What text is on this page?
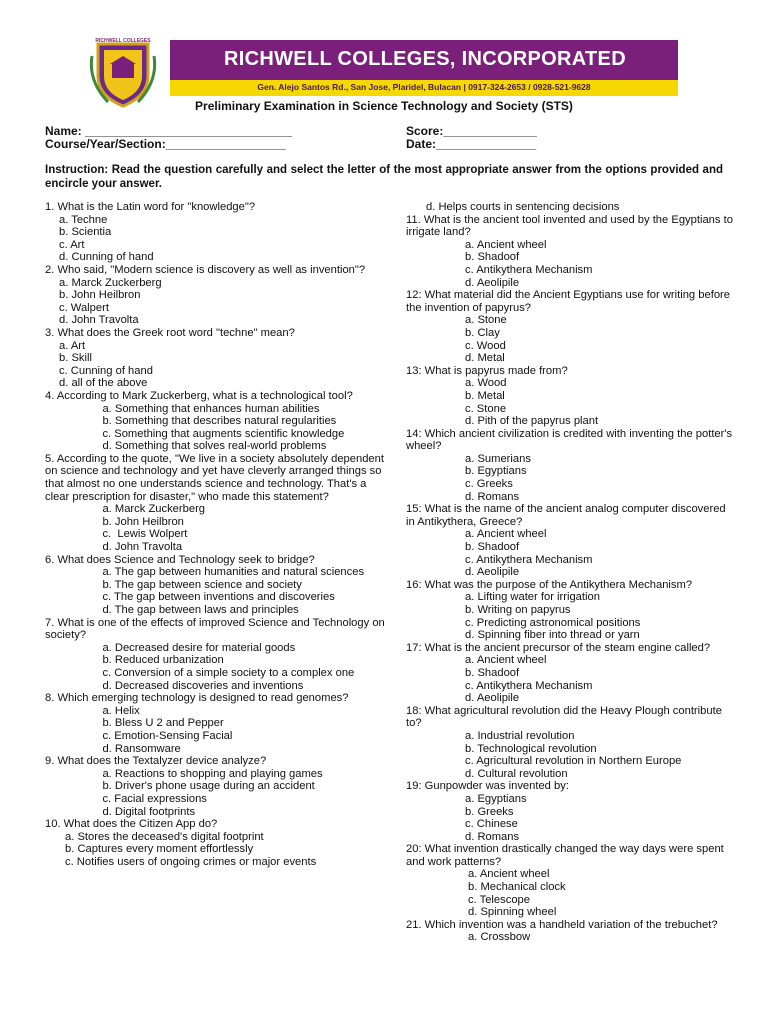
RICHWELL COLLEGES
RICHWELL COLLEGES, INCORPORATED
Gen. Alejo Santos Rd., San Jose, Plaridel, Bulacan | 0917-324-2653 / 0928-521-9628
Preliminary Examination in Science Technology and Society (STS)
Name: _______________________________
Course/Year/Section:__________________
Score:______________
Date:_______________
Instruction: Read the question carefully and select the letter of the most appropriate answer from the options provided and encircle your answer.
1. What is the Latin word for "knowledge"?
a. Techne
b. Scientia
c. Art
d. Cunning of hand
2. Who said, "Modern science is discovery as well as invention"?
a. Marck Zuckerberg
b. John Heilbron
c. Walpert
d. John Travolta
3. What does the Greek root word "techne" mean?
a. Art
b. Skill
c. Cunning of hand
d. all of the above
4. According to Mark Zuckerberg, what is a technological tool?
a. Something that enhances human abilities
b. Something that describes natural regularities
c. Something that augments scientific knowledge
d. Something that solves real-world problems
5. According to the quote, "We live in a society absolutely dependent on science and technology and yet have cleverly arranged things so that almost no one understands science and technology. That's a clear prescription for disaster," who made this statement?
a. Marck Zuckerberg
b. John Heilbron
c.  Lewis Wolpert
d. John Travolta
6. What does Science and Technology seek to bridge?
a. The gap between humanities and natural sciences
b. The gap between science and society
c. The gap between inventions and discoveries
d. The gap between laws and principles
7. What is one of the effects of improved Science and Technology on society?
a. Decreased desire for material goods
b. Reduced urbanization
c. Conversion of a simple society to a complex one
d. Decreased discoveries and inventions
8. Which emerging technology is designed to read genomes?
a. Helix
b. Bless U 2 and Pepper
c. Emotion-Sensing Facial
d. Ransomware
9. What does the Textalyzer device analyze?
a. Reactions to shopping and playing games
b. Driver's phone usage during an accident
c. Facial expressions
d. Digital footprints
10. What does the Citizen App do?
a. Stores the deceased's digital footprint
b. Captures every moment effortlessly
c. Notifies users of ongoing crimes or major events
d. Helps courts in sentencing decisions
11. What is the ancient tool invented and used by the Egyptians to irrigate land?
a. Ancient wheel
b. Shadoof
c. Antikythera Mechanism
d. Aeolipile
12: What material did the Ancient Egyptians use for writing before the invention of papyrus?
a. Stone
b. Clay
c. Wood
d. Metal
13: What is papyrus made from?
a. Wood
b. Metal
c. Stone
d. Pith of the papyrus plant
14: Which ancient civilization is credited with inventing the potter's wheel?
a. Sumerians
b. Egyptians
c. Greeks
d. Romans
15: What is the name of the ancient analog computer discovered in Antikythera, Greece?
a. Ancient wheel
b. Shadoof
c. Antikythera Mechanism
d. Aeolipile
16: What was the purpose of the Antikythera Mechanism?
a. Lifting water for irrigation
b. Writing on papyrus
c. Predicting astronomical positions
d. Spinning fiber into thread or yarn
17: What is the ancient precursor of the steam engine called?
a. Ancient wheel
b. Shadoof
c. Antikythera Mechanism
d. Aeolipile
18: What agricultural revolution did the Heavy Plough contribute to?
a. Industrial revolution
b. Technological revolution
c. Agricultural revolution in Northern Europe
d. Cultural revolution
19: Gunpowder was invented by:
a. Egyptians
b. Greeks
c. Chinese
d. Romans
20: What invention drastically changed the way days were spent and work patterns?
a. Ancient wheel
b. Mechanical clock
c. Telescope
d. Spinning wheel
21. Which invention was a handheld variation of the trebuchet?
a. Crossbow
